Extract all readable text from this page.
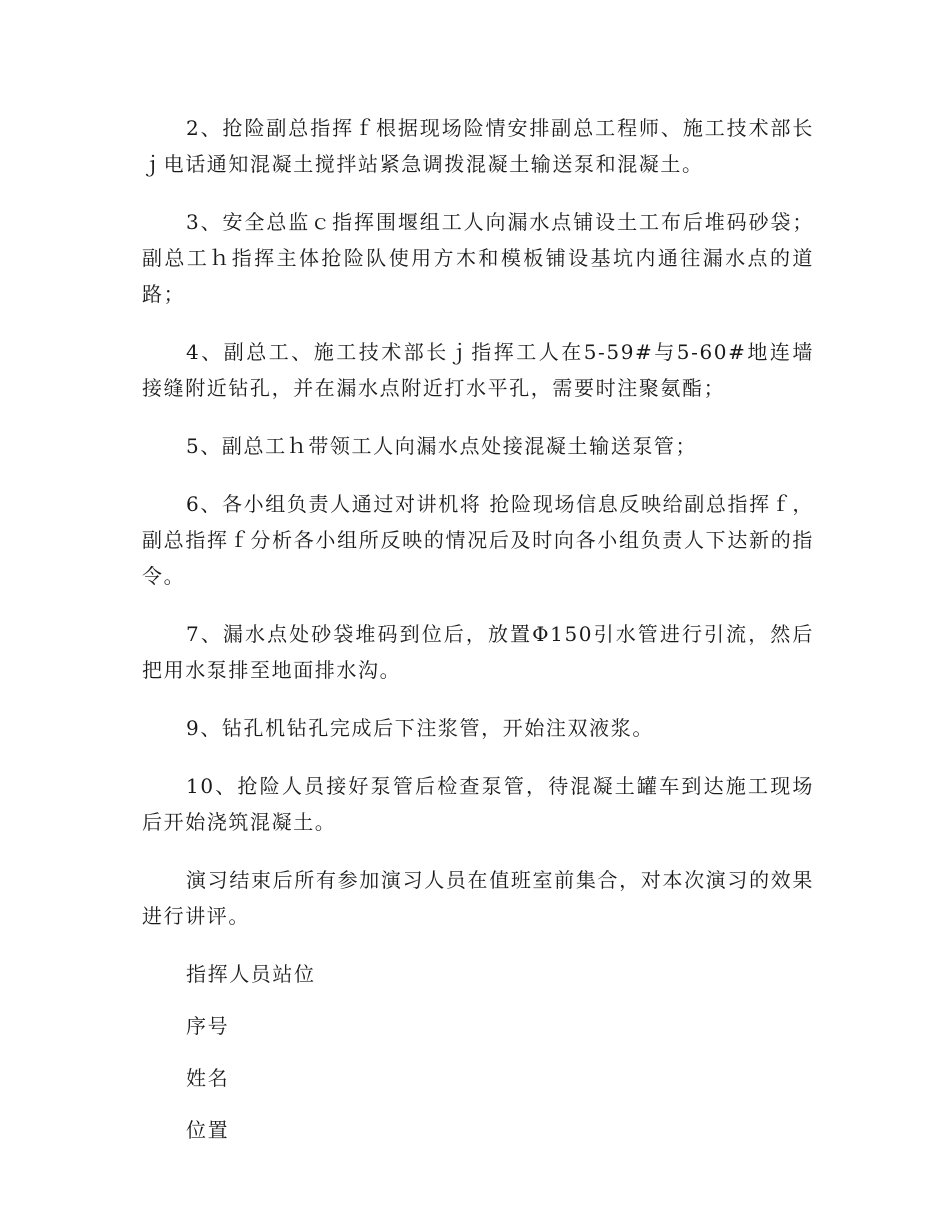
2、抢险副总指挥ｆ根据现场险情安排副总工程师、施工技术部长ｊ电话通知混凝土搅拌站紧急调拨混凝土输送泵和混凝土。

3、安全总监ｃ指挥围堰组工人向漏水点铺设土工布后堆码砂袋；副总工ｈ指挥主体抢险队使用方木和模板铺设基坑内通往漏水点的道路；

4、副总工、施工技术部长ｊ指挥工人在5-59#与5-60#地连墙接缝附近钻孔，并在漏水点附近打水平孔，需要时注聚氨酯；

5、副总工ｈ带领工人向漏水点处接混凝土输送泵管；

6、各小组负责人通过对讲机将 抢险现场信息反映给副总指挥ｆ，副总指挥ｆ分析各小组所反映的情况后及时向各小组负责人下达新的指令。

7、漏水点处砂袋堆码到位后，放置Φ150引水管进行引流，然后把用水泵排至地面排水沟。

9、钻孔机钻孔完成后下注浆管，开始注双液浆。

10、抢险人员接好泵管后检查泵管，待混凝土罐车到达施工现场后开始浇筑混凝土。

演习结束后所有参加演习人员在值班室前集合，对本次演习的效果进行讲评。

指挥人员站位

序号

姓名

位置
